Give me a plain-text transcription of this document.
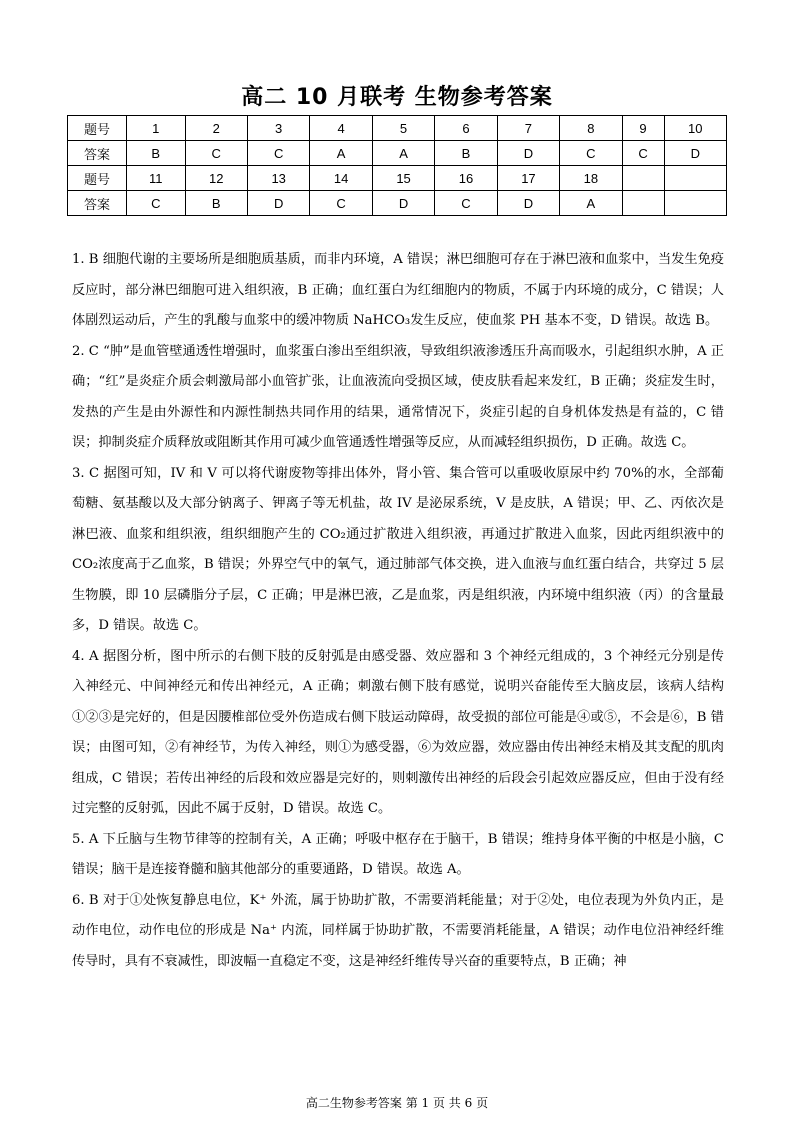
高二 10 月联考 生物参考答案
题号	1	2	3	4	5	6	7	8	9	10
答案	B	C	C	A	A	B	D	C	C	D
题号	11	12	13	14	15	16	17	18		
答案	C	B	D	C	D	C	D	A		

1. B 细胞代谢的主要场所是细胞质基质，而非内环境，A 错误；淋巴细胞可存在于淋巴液和血浆中，当发生免疫反应时，部分淋巴细胞可进入组织液，B 正确；血红蛋白为红细胞内的物质，不属于内环境的成分，C 错误；人体剧烈运动后，产生的乳酸与血浆中的缓冲物质 NaHCO₃发生反应，使血浆 PH 基本不变，D 错误。故选 B。

2. C “肿”是血管壁通透性增强时，血浆蛋白渗出至组织液，导致组织液渗透压升高而吸水，引起组织水肿，A 正确；“红”是炎症介质会刺激局部小血管扩张，让血液流向受损区域，使皮肤看起来发红，B 正确；炎症发生时，发热的产生是由外源性和内源性制热共同作用的结果，通常情况下，炎症引起的自身机体发热是有益的，C 错误；抑制炎症介质释放或阻断其作用可减少血管通透性增强等反应，从而减轻组织损伤，D 正确。故选 C。

3. C 据图可知，IV 和 V 可以将代谢废物等排出体外，肾小管、集合管可以重吸收原尿中约 70%的水，全部葡萄糖、氨基酸以及大部分钠离子、钾离子等无机盐，故 IV 是泌尿系统，V 是皮肤，A 错误；甲、乙、丙依次是淋巴液、血浆和组织液，组织细胞产生的 CO₂通过扩散进入组织液，再通过扩散进入血浆，因此丙组织液中的 CO₂浓度高于乙血浆，B 错误；外界空气中的氧气，通过肺部气体交换，进入血液与血红蛋白结合，共穿过 5 层生物膜，即 10 层磷脂分子层，C 正确；甲是淋巴液，乙是血浆，丙是组织液，内环境中组织液（丙）的含量最多，D 错误。故选 C。

4. A 据图分析，图中所示的右侧下肢的反射弧是由感受器、效应器和 3 个神经元组成的，3 个神经元分别是传入神经元、中间神经元和传出神经元，A 正确；刺激右侧下肢有感觉，说明兴奋能传至大脑皮层，该病人结构①②③是完好的，但是因腰椎部位受外伤造成右侧下肢运动障碍，故受损的部位可能是④或⑤，不会是⑥，B 错误；由图可知，②有神经节，为传入神经，则①为感受器，⑥为效应器，效应器由传出神经末梢及其支配的肌肉组成，C 错误；若传出神经的后段和效应器是完好的，则刺激传出神经的后段会引起效应器反应，但由于没有经过完整的反射弧，因此不属于反射，D 错误。故选 C。

5. A 下丘脑与生物节律等的控制有关，A 正确；呼吸中枢存在于脑干，B 错误；维持身体平衡的中枢是小脑，C 错误；脑干是连接脊髓和脑其他部分的重要通路，D 错误。故选 A。

6. B 对于①处恢复静息电位，K⁺ 外流，属于协助扩散，不需要消耗能量；对于②处，电位表现为外负内正，是动作电位，动作电位的形成是 Na⁺ 内流，同样属于协助扩散，不需要消耗能量，A 错误；动作电位沿神经纤维传导时，具有不衰减性，即波幅一直稳定不变，这是神经纤维传导兴奋的重要特点，B 正确；神

高二生物参考答案 第 1 页 共 6 页
